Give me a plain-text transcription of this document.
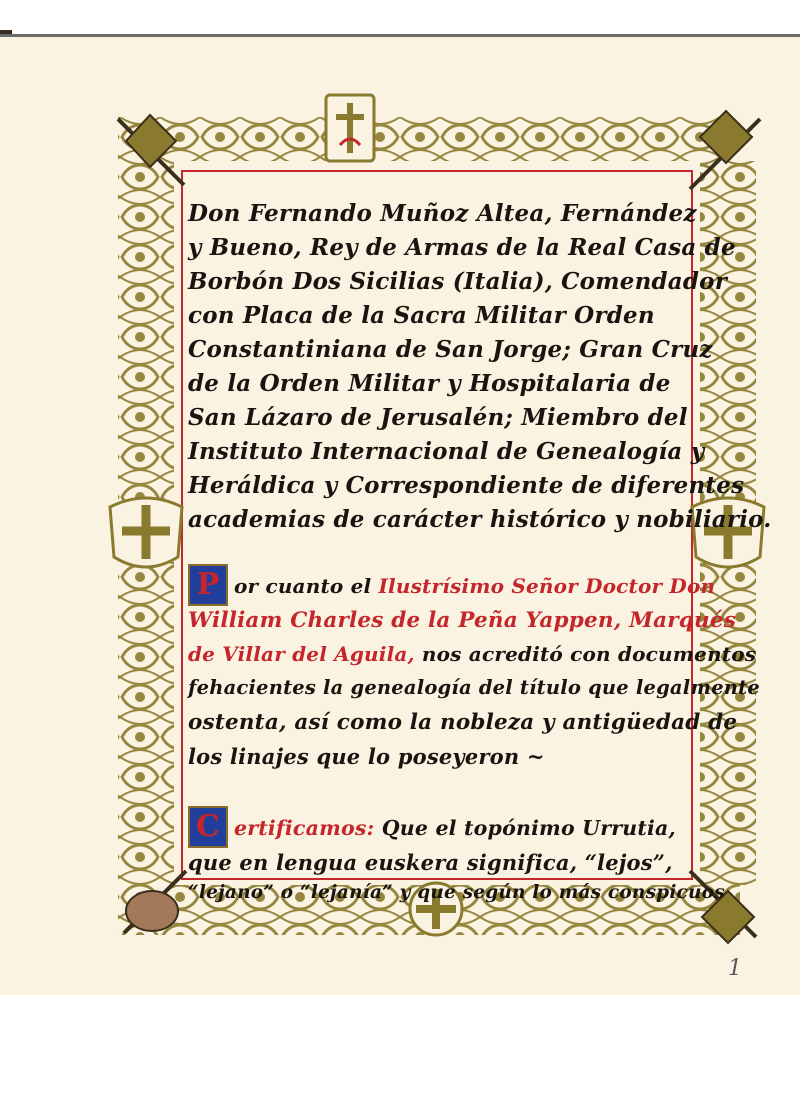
Don Fernando Muñoz Altea, Fernández
y Bueno, Rey de Armas de la Real Casa de
Borbón Dos Sicilias (Italia), Comendador
con Placa de la Sacra Militar Orden
Constantiniana de San Jorge; Gran Cruz
de la Orden Militar y Hospitalaria de
San Lázaro de Jerusalén; Miembro del
Instituto Internacional de Genealogía y
Heráldica y Correspondiente de diferentes
academias de carácter histórico y nobiliario.
P or cuanto el Ilustrísimo Señor Doctor Don
William Charles de la Peña Yappen, Marqués
de Villar del Aguila, nos acreditó con documentos
fehacientes la genealogía del título que legalmente
ostenta, así como la nobleza y antigüedad de
los linajes que lo poseyeron ~
C ertificamos: Que el topónimo Urrutia,
que en lengua euskera significa, “lejos”,
“lejano” o “lejanía” y que según lo más conspicuos
1
